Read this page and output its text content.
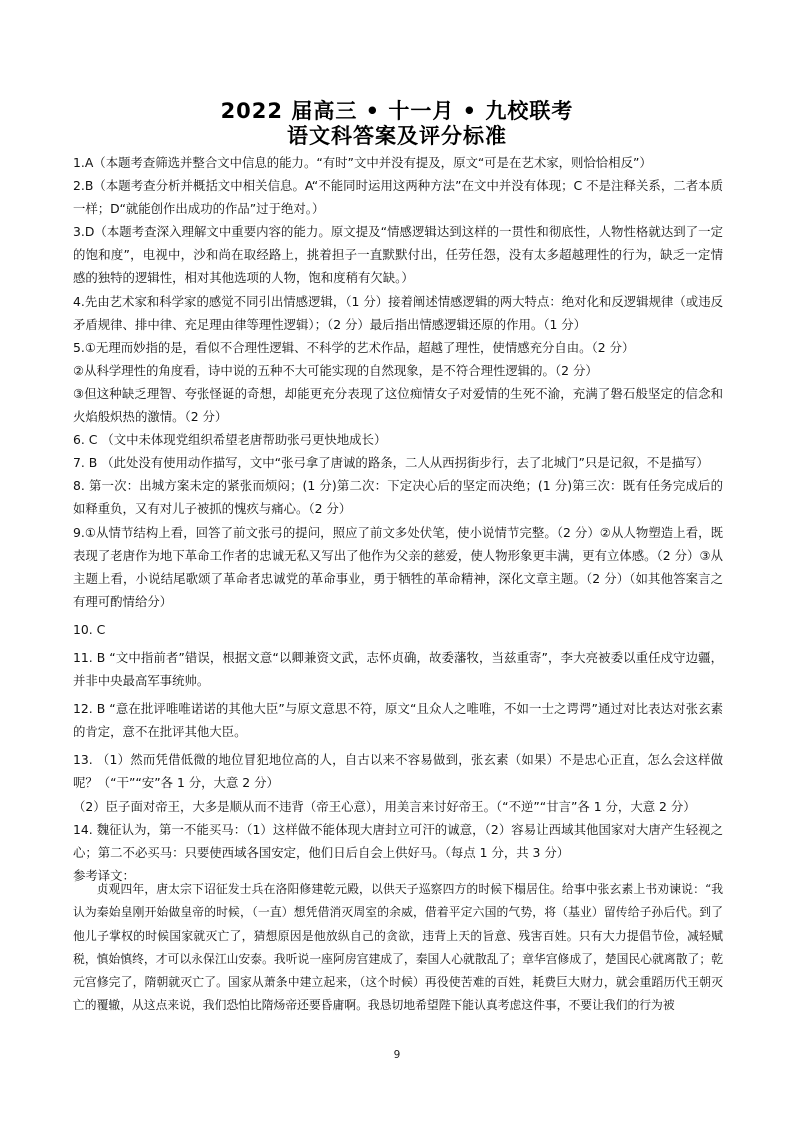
2022 届高三 • 十一月 • 九校联考
语文科答案及评分标准

1.A（本题考查筛选并整合文中信息的能力。“有时”文中并没有提及，原文“可是在艺术家，则恰恰相反”）

2.B（本题考查分析并概括文中相关信息。A“不能同时运用这两种方法”在文中并没有体现；C 不是注释关系，二者本质一样；D“就能创作出成功的作品”过于绝对。）

3.D（本题考查深入理解文中重要内容的能力。原文提及“情感逻辑达到这样的一贯性和彻底性，人物性格就达到了一定的饱和度”，电视中，沙和尚在取经路上，挑着担子一直默默付出，任劳任怨，没有太多超越理性的行为，缺乏一定情感的独特的逻辑性，相对其他选项的人物，饱和度稍有欠缺。）

4.先由艺术家和科学家的感觉不同引出情感逻辑，（1 分）接着阐述情感逻辑的两大特点：绝对化和反逻辑规律（或违反矛盾规律、排中律、充足理由律等理性逻辑）；（2 分）最后指出情感逻辑还原的作用。（1 分）

5.①无理而妙指的是，看似不合理性逻辑、不科学的艺术作品，超越了理性，使情感充分自由。（2 分）

②从科学理性的角度看，诗中说的五种不大可能实现的自然现象，是不符合理性逻辑的。（2 分）

③但这种缺乏理智、夸张怪诞的奇想，却能更充分表现了这位痴情女子对爱情的生死不渝，充满了磐石般坚定的信念和火焰般炽热的激情。（2 分）

6. C （文中未体现党组织希望老唐帮助张弓更快地成长）

7. B （此处没有使用动作描写，文中“张弓拿了唐诚的路条，二人从西拐街步行，去了北城门”只是记叙，不是描写）

8. 第一次：出城方案未定的紧张而烦闷；(1 分)第二次：下定决心后的坚定而决绝；(1 分)第三次：既有任务完成后的如释重负，又有对儿子被抓的愧疚与痛心。（2 分）

9.①从情节结构上看，回答了前文张弓的提问，照应了前文多处伏笔，使小说情节完整。（2 分）②从人物塑造上看，既表现了老唐作为地下革命工作者的忠诚无私又写出了他作为父亲的慈爱，使人物形象更丰满，更有立体感。（2 分）③从主题上看，小说结尾歌颂了革命者忠诚党的革命事业，勇于牺牲的革命精神，深化文章主题。（2 分）（如其他答案言之有理可酌情给分）

10. C

11. B “文中指前者”错误，根据文意“以卿兼资文武，志怀贞确，故委藩牧，当兹重寄”，李大亮被委以重任戍守边疆，并非中央最高军事统帅。

12. B “意在批评唯唯诺诺的其他大臣”与原文意思不符，原文“且众人之唯唯，不如一士之谔谔”通过对比表达对张玄素的肯定，意不在批评其他大臣。

13. （1）然而凭借低微的地位冒犯地位高的人，自古以来不容易做到，张玄素（如果）不是忠心正直，怎么会这样做呢？（“干”“安”各 1 分，大意 2 分）

（2）臣子面对帝王，大多是顺从而不违背（帝王心意），用美言来讨好帝王。（“不逆”“甘言”各 1 分，大意 2 分）

14. 魏征认为，第一不能买马：（1）这样做不能体现大唐封立可汗的诚意，（2）容易让西域其他国家对大唐产生轻视之心；第二不必买马：只要使西域各国安定，他们日后自会上供好马。（每点 1 分，共 3 分）

参考译文：

贞观四年，唐太宗下诏征发士兵在洛阳修建乾元殿，以供天子巡察四方的时候下榻居住。给事中张玄素上书劝谏说：“我认为秦始皇刚开始做皇帝的时候，（一直）想凭借消灭周室的余威，借着平定六国的气势，将（基业）留传给子孙后代。到了他儿子掌权的时候国家就灭亡了，猜想原因是他放纵自己的贪欲，违背上天的旨意、残害百姓。只有大力提倡节俭，减轻赋税，慎始慎终，才可以永保江山安泰。我听说一座阿房宫建成了，秦国人心就散乱了；章华宫修成了，楚国民心就离散了；乾元宫修完了，隋朝就灭亡了。国家从萧条中建立起来，（这个时候）再役使苦难的百姓，耗费巨大财力，就会重蹈历代王朝灭亡的覆辙，从这点来说，我们恐怕比隋炀帝还要昏庸啊。我恳切地希望陛下能认真考虑这件事，不要让我们的行为被

9
